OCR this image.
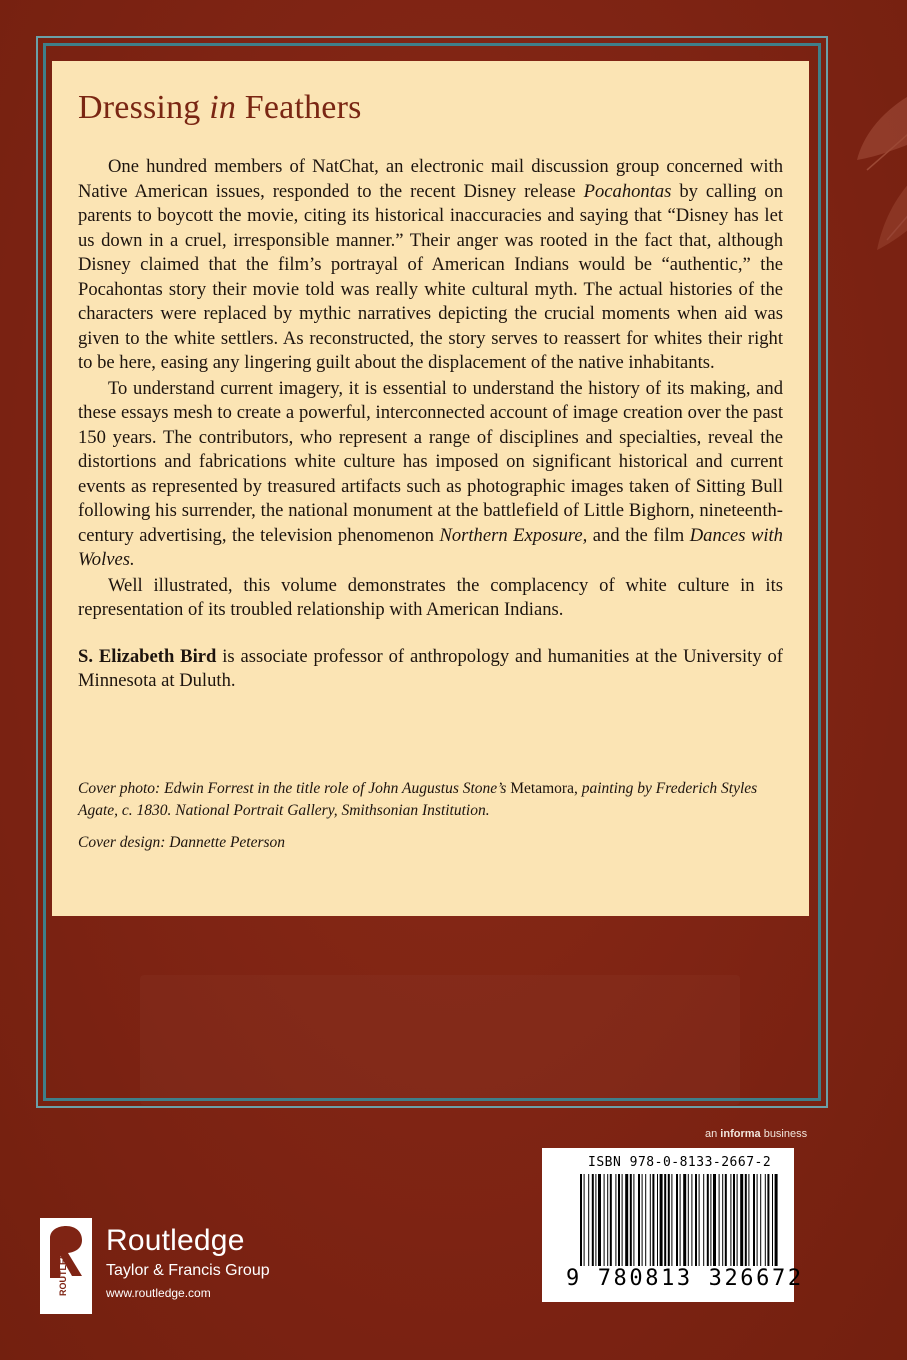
Dressing in Feathers

One hundred members of NatChat, an electronic mail discussion group concerned with Native American issues, responded to the recent Disney release Pocahontas by calling on parents to boycott the movie, citing its historical inaccuracies and saying that “Disney has let us down in a cruel, irresponsible manner.” Their anger was rooted in the fact that, although Disney claimed that the film’s portrayal of American Indians would be “authentic,” the Pocahontas story their movie told was really white cultural myth. The actual histories of the characters were replaced by mythic narratives depicting the crucial moments when aid was given to the white settlers. As reconstructed, the story serves to reassert for whites their right to be here, easing any lingering guilt about the displacement of the native inhabitants.

To understand current imagery, it is essential to understand the history of its making, and these essays mesh to create a powerful, interconnected account of image creation over the past 150 years. The contributors, who represent a range of disciplines and specialties, reveal the distortions and fabrications white culture has imposed on significant historical and current events as represented by treasured artifacts such as photographic images taken of Sitting Bull following his surrender, the national monument at the battlefield of Little Bighorn, nineteenth-century advertising, the television phenomenon Northern Exposure, and the film Dances with Wolves.

Well illustrated, this volume demonstrates the complacency of white culture in its representation of its troubled relationship with American Indians.

S. Elizabeth Bird is associate professor of anthropology and humanities at the University of Minnesota at Duluth.

Cover photo: Edwin Forrest in the title role of John Augustus Stone’s Metamora, painting by Frederich Styles Agate, c. 1830. National Portrait Gallery, Smithsonian Institution.

Cover design: Dannette Peterson

an informa business
ISBN 978-0-8133-2667-2
9 780813 326672
ROUTLEDGE Routledge
Taylor & Francis Group
www.routledge.com
